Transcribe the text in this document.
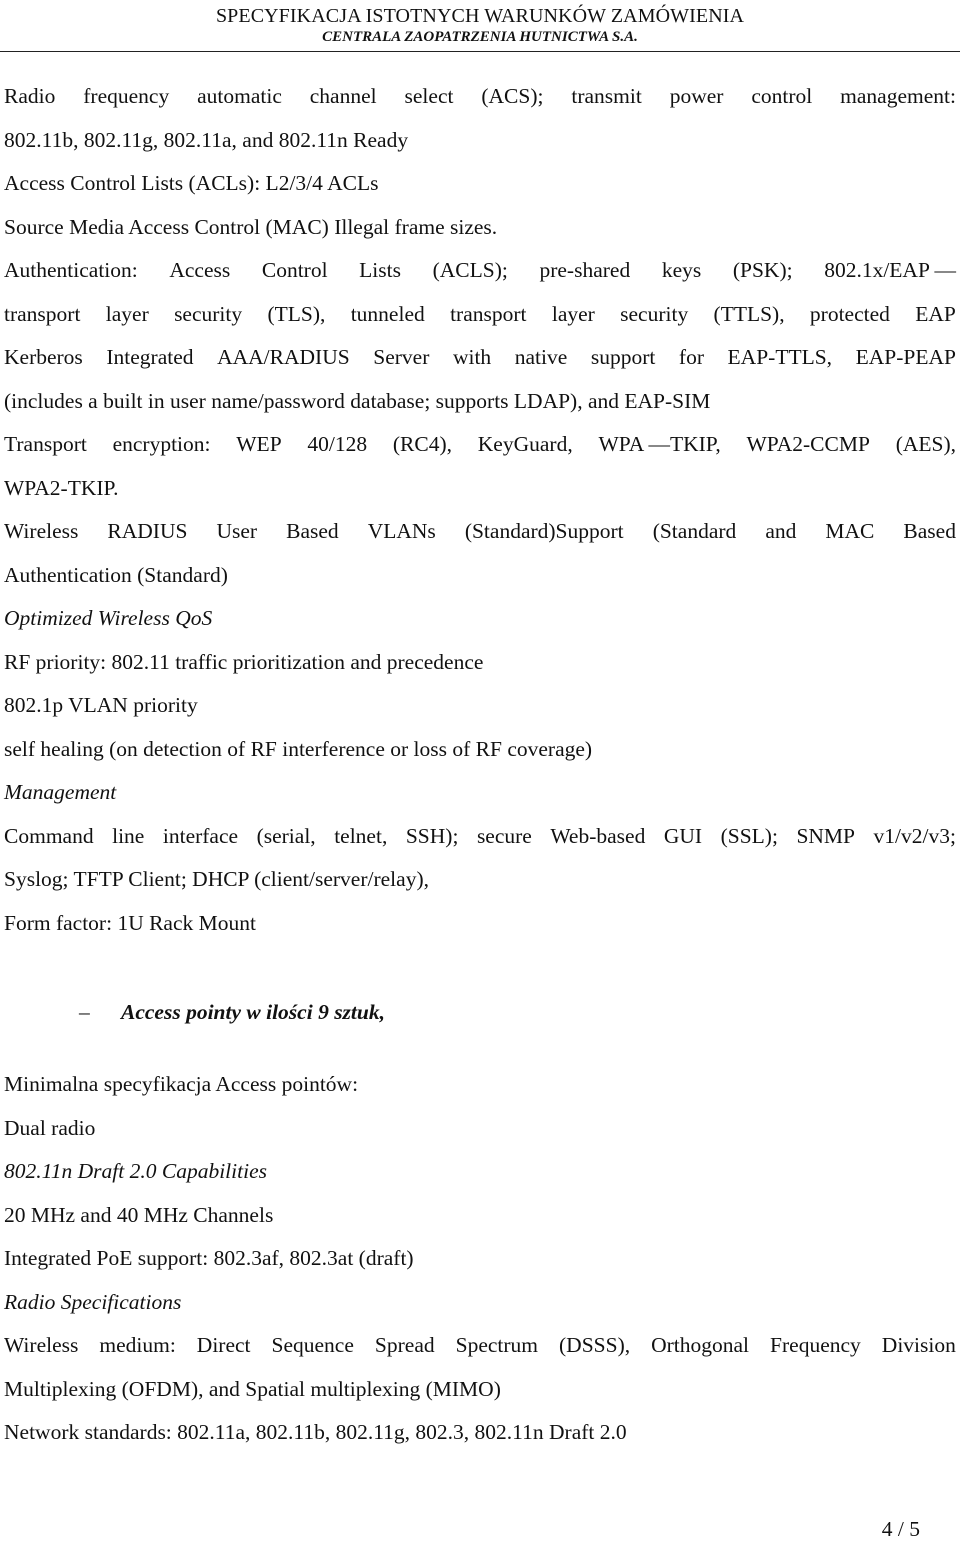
SPECYFIKACJA ISTOTNYCH WARUNKÓW ZAMÓWIENIA
CENTRALA ZAOPATRZENIA HUTNICTWA S.A.
Radio frequency automatic channel select (ACS); transmit power control management:
802.11b, 802.11g, 802.11a, and 802.11n Ready
Access Control Lists (ACLs): L2/3/4 ACLs
Source Media Access Control (MAC) Illegal frame sizes.
Authentication: Access Control Lists (ACLS); pre-shared keys (PSK); 802.1x/EAP —
transport layer security (TLS), tunneled transport layer security (TTLS), protected EAP
Kerberos Integrated AAA/RADIUS Server with native support for EAP-TTLS, EAP-PEAP
(includes a built in user name/password database; supports LDAP), and EAP-SIM
Transport encryption: WEP 40/128 (RC4), KeyGuard, WPA —TKIP, WPA2-CCMP (AES),
WPA2-TKIP.
Wireless RADIUS User Based VLANs (Standard)Support (Standard and MAC Based
Authentication (Standard)
Optimized Wireless QoS
RF priority: 802.11 traffic prioritization and precedence
802.1p VLAN priority
self healing (on detection of RF interference or loss of RF coverage)
Management
Command line interface (serial, telnet, SSH); secure Web-based GUI (SSL); SNMP v1/v2/v3;
Syslog; TFTP Client; DHCP (client/server/relay),
Form factor: 1U Rack Mount
– Access pointy w ilości 9 sztuk,
Minimalna specyfikacja Access pointów:
Dual radio
802.11n Draft 2.0 Capabilities
20 MHz and 40 MHz Channels
Integrated PoE support: 802.3af, 802.3at (draft)
Radio Specifications
Wireless medium: Direct Sequence Spread Spectrum (DSSS), Orthogonal Frequency Division
Multiplexing (OFDM), and Spatial multiplexing (MIMO)
Network standards: 802.11a, 802.11b, 802.11g, 802.3, 802.11n Draft 2.0
4 / 5
